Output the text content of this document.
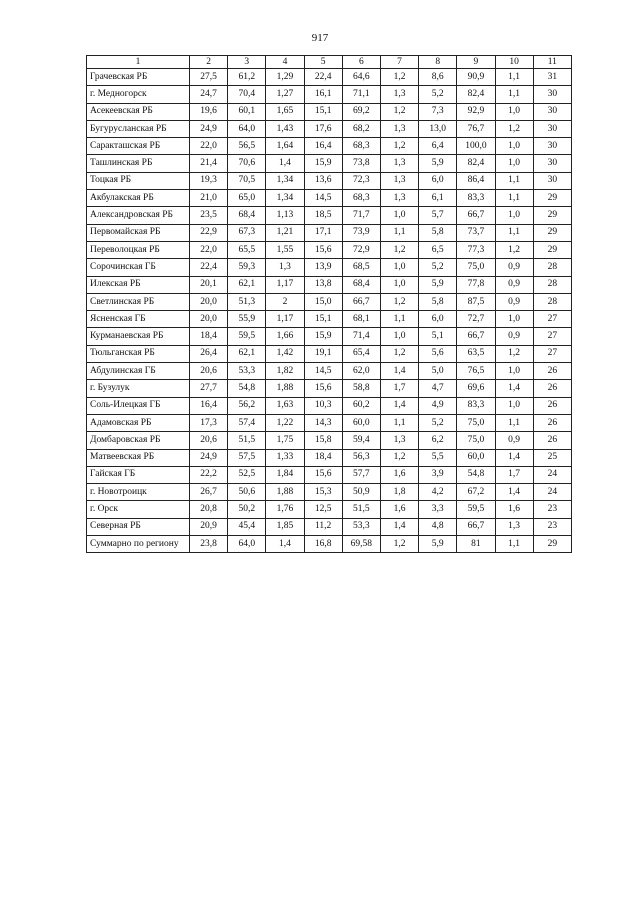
917
1	2	3	4	5	6	7	8	9	10	11
Грачевская РБ	27,5	61,2	1,29	22,4	64,6	1,2	8,6	90,9	1,1	31
г. Медногорск	24,7	70,4	1,27	16,1	71,1	1,3	5,2	82,4	1,1	30
Асекеевская РБ	19,6	60,1	1,65	15,1	69,2	1,2	7,3	92,9	1,0	30
Бугурусланская РБ	24,9	64,0	1,43	17,6	68,2	1,3	13,0	76,7	1,2	30
Саракташская РБ	22,0	56,5	1,64	16,4	68,3	1,2	6,4	100,0	1,0	30
Ташлинская РБ	21,4	70,6	1,4	15,9	73,8	1,3	5,9	82,4	1,0	30
Тоцкая РБ	19,3	70,5	1,34	13,6	72,3	1,3	6,0	86,4	1,1	30
Акбулакская РБ	21,0	65,0	1,34	14,5	68,3	1,3	6,1	83,3	1,1	29
Александровская РБ	23,5	68,4	1,13	18,5	71,7	1,0	5,7	66,7	1,0	29
Первомайская РБ	22,9	67,3	1,21	17,1	73,9	1,1	5,8	73,7	1,1	29
Переволоцкая РБ	22,0	65,5	1,55	15,6	72,9	1,2	6,5	77,3	1,2	29
Сорочинская ГБ	22,4	59,3	1,3	13,9	68,5	1,0	5,2	75,0	0,9	28
Илекская РБ	20,1	62,1	1,17	13,8	68,4	1,0	5,9	77,8	0,9	28
Светлинская РБ	20,0	51,3	2	15,0	66,7	1,2	5,8	87,5	0,9	28
Ясненская ГБ	20,0	55,9	1,17	15,1	68,1	1,1	6,0	72,7	1,0	27
Курманаевская РБ	18,4	59,5	1,66	15,9	71,4	1,0	5,1	66,7	0,9	27
Тюльганская РБ	26,4	62,1	1,42	19,1	65,4	1,2	5,6	63,5	1,2	27
Абдулинская ГБ	20,6	53,3	1,82	14,5	62,0	1,4	5,0	76,5	1,0	26
г. Бузулук	27,7	54,8	1,88	15,6	58,8	1,7	4,7	69,6	1,4	26
Соль-Илецкая ГБ	16,4	56,2	1,63	10,3	60,2	1,4	4,9	83,3	1,0	26
Адамовская РБ	17,3	57,4	1,22	14,3	60,0	1,1	5,2	75,0	1,1	26
Домбаровская РБ	20,6	51,5	1,75	15,8	59,4	1,3	6,2	75,0	0,9	26
Матвеевская РБ	24,9	57,5	1,33	18,4	56,3	1,2	5,5	60,0	1,4	25
Гайская ГБ	22,2	52,5	1,84	15,6	57,7	1,6	3,9	54,8	1,7	24
г. Новотроицк	26,7	50,6	1,88	15,3	50,9	1,8	4,2	67,2	1,4	24
г. Орск	20,8	50,2	1,76	12,5	51,5	1,6	3,3	59,5	1,6	23
Северная РБ	20,9	45,4	1,85	11,2	53,3	1,4	4,8	66,7	1,3	23
Суммарно по региону	23,8	64,0	1,4	16,8	69,58	1,2	5,9	81	1,1	29
